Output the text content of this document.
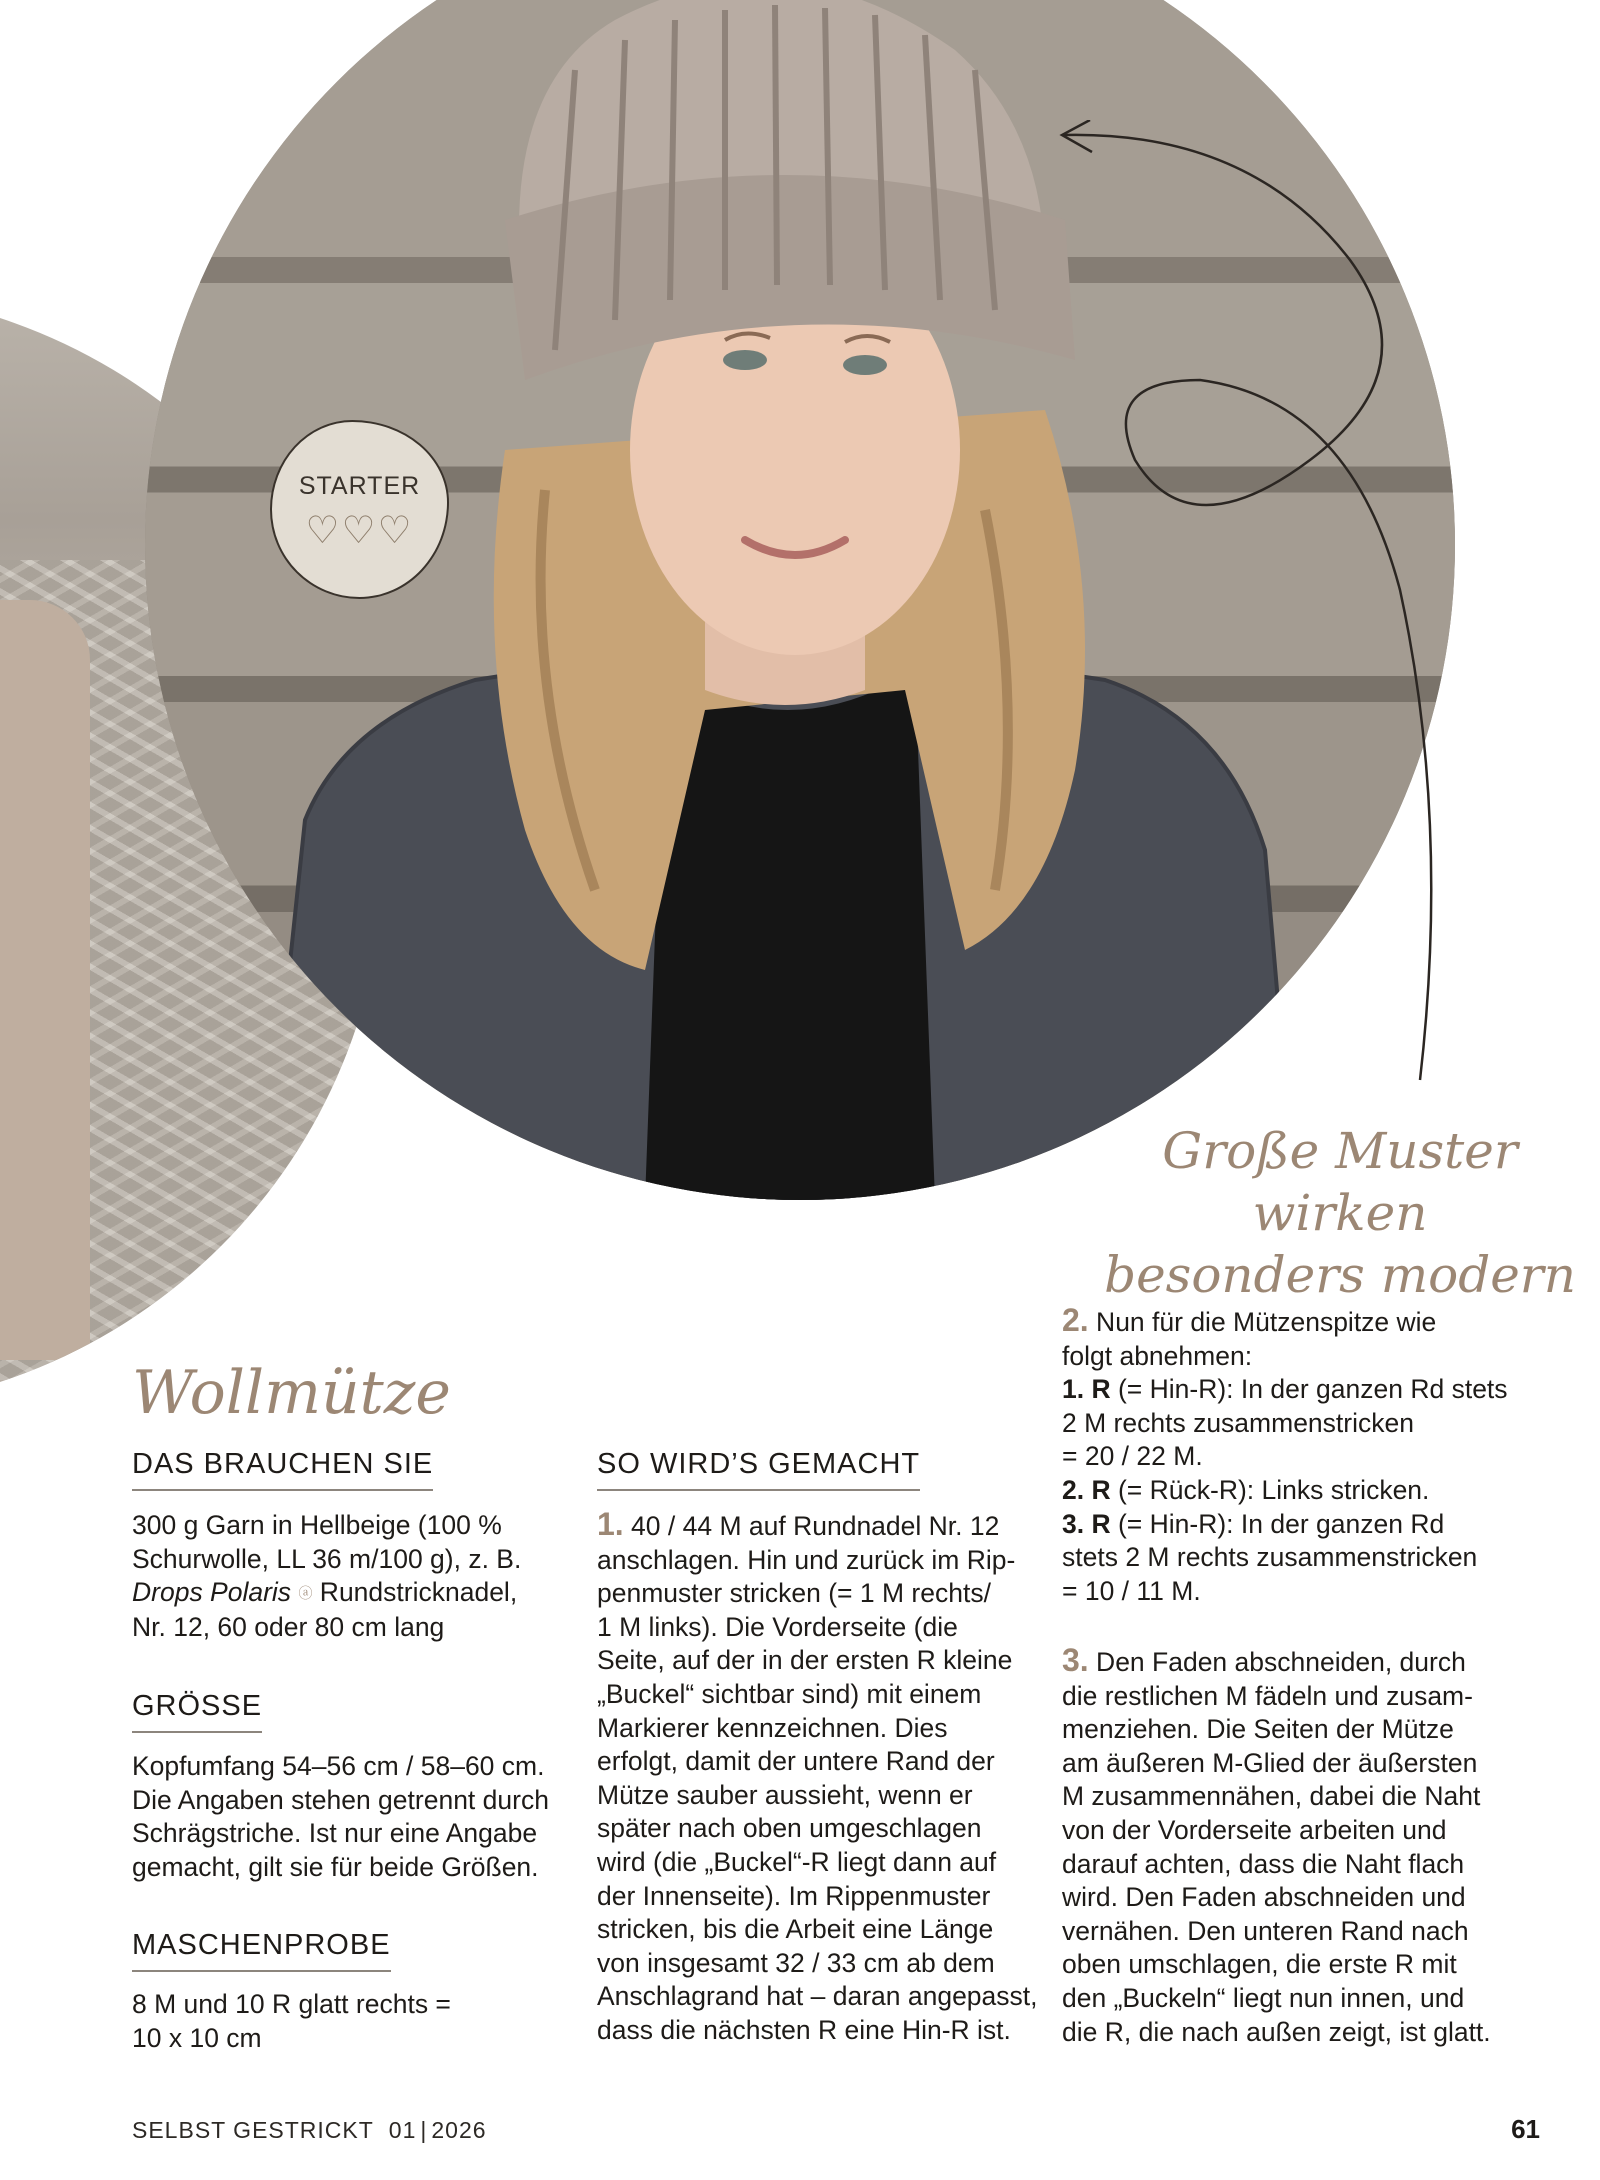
STARTER
♡♡♡
Große Muster wirken
besonders modern
Wollmütze
DAS BRAUCHEN SIE
300 g Garn in Hellbeige (100 %
Schurwolle, LL 36 m/100 g), z. B.
Drops Polaris ⓐ Rundstricknadel,
Nr. 12, 60 oder 80 cm lang
GRÖSSE
Kopfumfang 54–56 cm / 58–60 cm.
Die Angaben stehen getrennt durch
Schrägstriche. Ist nur eine Angabe
gemacht, gilt sie für beide Größen.
MASCHENPROBE
8 M und 10 R glatt rechts =
10 x 10 cm
SO WIRD’S GEMACHT
1. 40 / 44 M auf Rundnadel Nr. 12
anschlagen. Hin und zurück im Rip-
penmuster stricken (= 1 M rechts/
1 M links). Die Vorderseite (die
Seite, auf der in der ersten R kleine
„Buckel“ sichtbar sind) mit einem
Markierer kennzeichnen. Dies
erfolgt, damit der untere Rand der
Mütze sauber aussieht, wenn er
später nach oben umgeschlagen
wird (die „Buckel“-R liegt dann auf
der Innenseite). Im Rippenmuster
stricken, bis die Arbeit eine Länge
von insgesamt 32 / 33 cm ab dem
Anschlagrand hat – daran angepasst,
dass die nächsten R eine Hin-R ist.
2. Nun für die Mützenspitze wie
folgt abnehmen:
1. R (= Hin-R): In der ganzen Rd stets
2 M rechts zusammenstricken
= 20 / 22 M.
2. R (= Rück-R): Links stricken.
3. R (= Hin-R): In der ganzen Rd
stets 2 M rechts zusammenstricken
= 10 / 11 M.
3. Den Faden abschneiden, durch
die restlichen M fädeln und zusam-
menziehen. Die Seiten der Mütze
am äußeren M-Glied der äußersten
M zusammennähen, dabei die Naht
von der Vorderseite arbeiten und
darauf achten, dass die Naht flach
wird. Den Faden abschneiden und
vernähen. Den unteren Rand nach
oben umschlagen, die erste R mit
den „Buckeln“ liegt nun innen, und
die R, die nach außen zeigt, ist glatt.
SELBST GESTRICKT 01 | 2026	61
